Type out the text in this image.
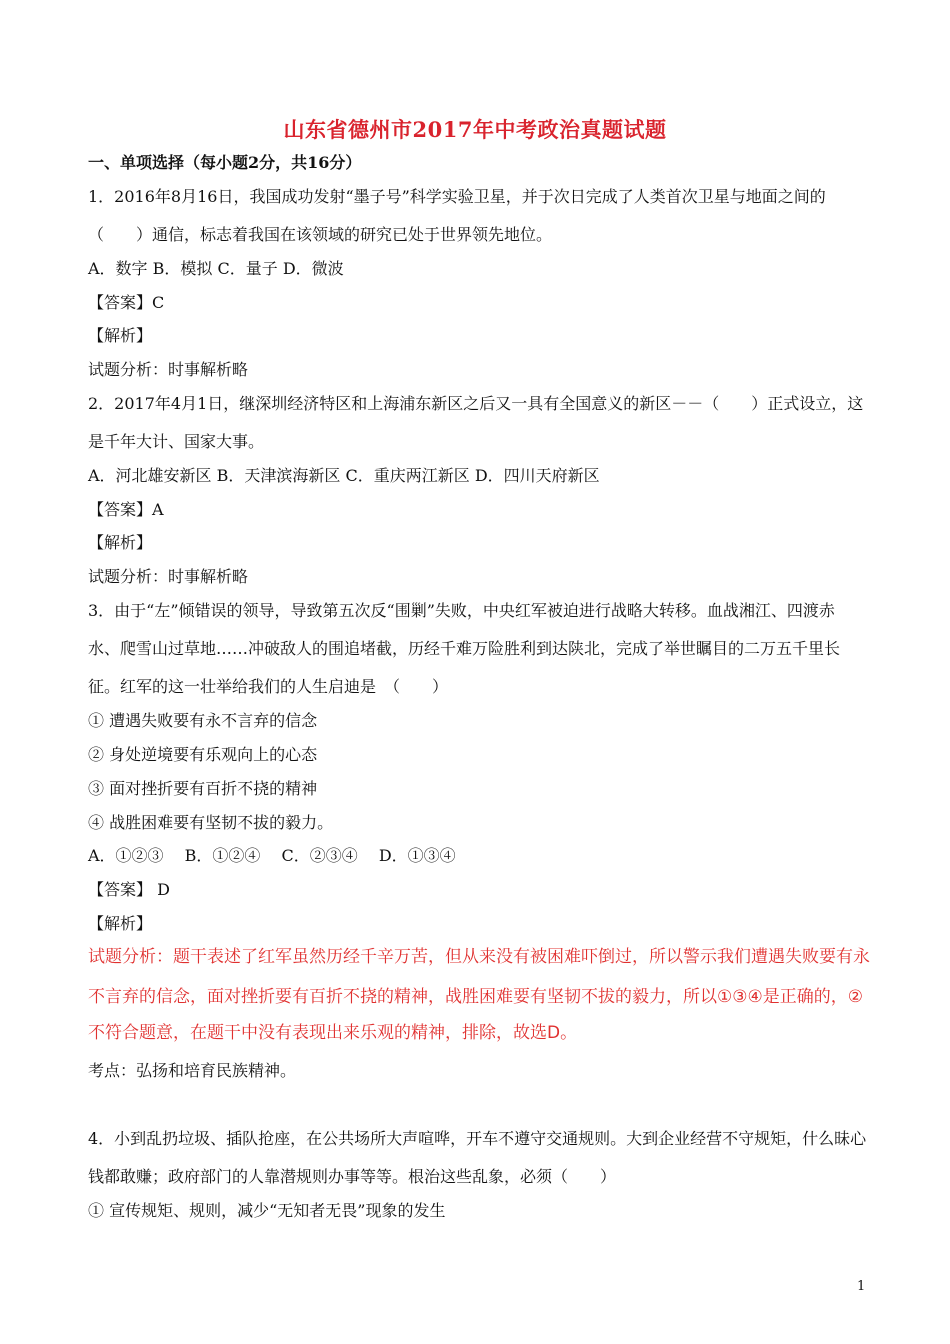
山东省德州市2017年中考政治真题试题
一、单项选择（每小题2分，共16分）
1．2016年8月16日，我国成功发射“墨子号”科学实验卫星，并于次日完成了人类首次卫星与地面之间的
（　　）通信，标志着我国在该领域的研究已处于世界领先地位。
A．数字 B．模拟 C．量子 D．微波
【答案】C
【解析】
试题分析：时事解析略
2．2017年4月1日，继深圳经济特区和上海浦东新区之后又一具有全国意义的新区－－（　　）正式设立，这
是千年大计、国家大事。
A．河北雄安新区 B．天津滨海新区 C．重庆两江新区 D．四川天府新区
【答案】A
【解析】
试题分析：时事解析略
3．由于“左”倾错误的领导，导致第五次反“围剿”失败，中央红军被迫进行战略大转移。血战湘江、四渡赤
水、爬雪山过草地……冲破敌人的围追堵截，历经千难万险胜利到达陕北，完成了举世瞩目的二万五千里长
征。红军的这一壮举给我们的人生启迪是　（　　）
① 遭遇失败要有永不言弃的信念
② 身处逆境要有乐观向上的心态
③ 面对挫折要有百折不挠的精神
④ 战胜困难要有坚韧不拔的毅力。
A．①②③　 B．①②④　 C．②③④　 D．①③④
【答案】 D
【解析】
试题分析：题干表述了红军虽然历经千辛万苦，但从来没有被困难吓倒过，所以警示我们遭遇失败要有永
不言弃的信念，面对挫折要有百折不挠的精神，战胜困难要有坚韧不拔的毅力，所以①③④是正确的，②
不符合题意，在题干中没有表现出来乐观的精神，排除，故选D。
考点：弘扬和培育民族精神。
4．小到乱扔垃圾、插队抢座，在公共场所大声喧哗，开车不遵守交通规则。大到企业经营不守规矩，什么昧心
钱都敢赚；政府部门的人靠潜规则办事等等。根治这些乱象，必须（　　）
① 宣传规矩、规则，减少“无知者无畏”现象的发生
1
